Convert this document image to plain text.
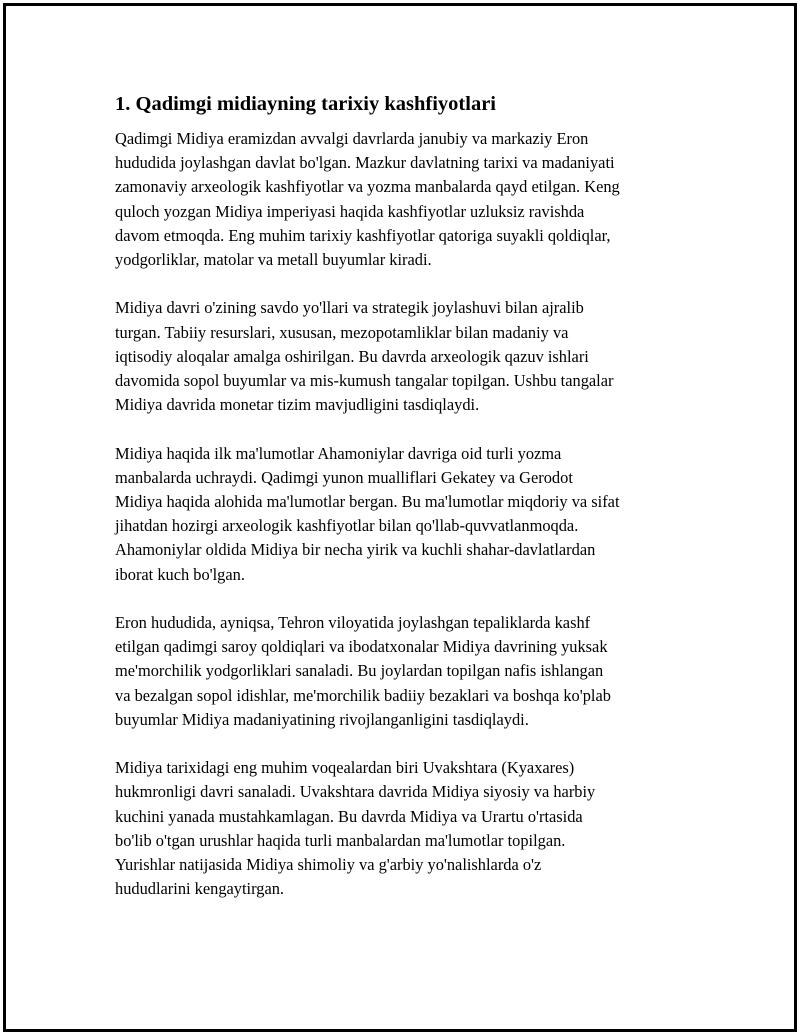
1. Qadimgi midiayning tarixiy kashfiyotlari

Qadimgi Midiya eramizdan avvalgi davrlarda janubiy va markaziy Eron
hududida joylashgan davlat bo'lgan. Mazkur davlatning tarixi va madaniyati
zamonaviy arxeologik kashfiyotlar va yozma manbalarda qayd etilgan. Keng
quloch yozgan Midiya imperiyasi haqida kashfiyotlar uzluksiz ravishda
davom etmoqda. Eng muhim tarixiy kashfiyotlar qatoriga suyakli qoldiqlar,
yodgorliklar, matolar va metall buyumlar kiradi.

Midiya davri o'zining savdo yo'llari va strategik joylashuvi bilan ajralib
turgan. Tabiiy resurslari, xususan, mezopotamliklar bilan madaniy va
iqtisodiy aloqalar amalga oshirilgan. Bu davrda arxeologik qazuv ishlari
davomida sopol buyumlar va mis-kumush tangalar topilgan. Ushbu tangalar
Midiya davrida monetar tizim mavjudligini tasdiqlaydi.

Midiya haqida ilk ma'lumotlar Ahamoniylar davriga oid turli yozma
manbalarda uchraydi. Qadimgi yunon mualliflari Gekatey va Gerodot
Midiya haqida alohida ma'lumotlar bergan. Bu ma'lumotlar miqdoriy va sifat
jihatdan hozirgi arxeologik kashfiyotlar bilan qo'llab-quvvatlanmoqda.
Ahamoniylar oldida Midiya bir necha yirik va kuchli shahar-davlatlardan
iborat kuch bo'lgan.

Eron hududida, ayniqsa, Tehron viloyatida joylashgan tepaliklarda kashf
etilgan qadimgi saroy qoldiqlari va ibodatxonalar Midiya davrining yuksak
me'morchilik yodgorliklari sanaladi. Bu joylardan topilgan nafis ishlangan
va bezalgan sopol idishlar, me'morchilik badiiy bezaklari va boshqa ko'plab
buyumlar Midiya madaniyatining rivojlanganligini tasdiqlaydi.

Midiya tarixidagi eng muhim voqealardan biri Uvakshtara (Kyaxares)
hukmronligi davri sanaladi. Uvakshtara davrida Midiya siyosiy va harbiy
kuchini yanada mustahkamlagan. Bu davrda Midiya va Urartu o'rtasida
bo'lib o'tgan urushlar haqida turli manbalardan ma'lumotlar topilgan.
Yurishlar natijasida Midiya shimoliy va g'arbiy yo'nalishlarda o'z
hududlarini kengaytirgan.
